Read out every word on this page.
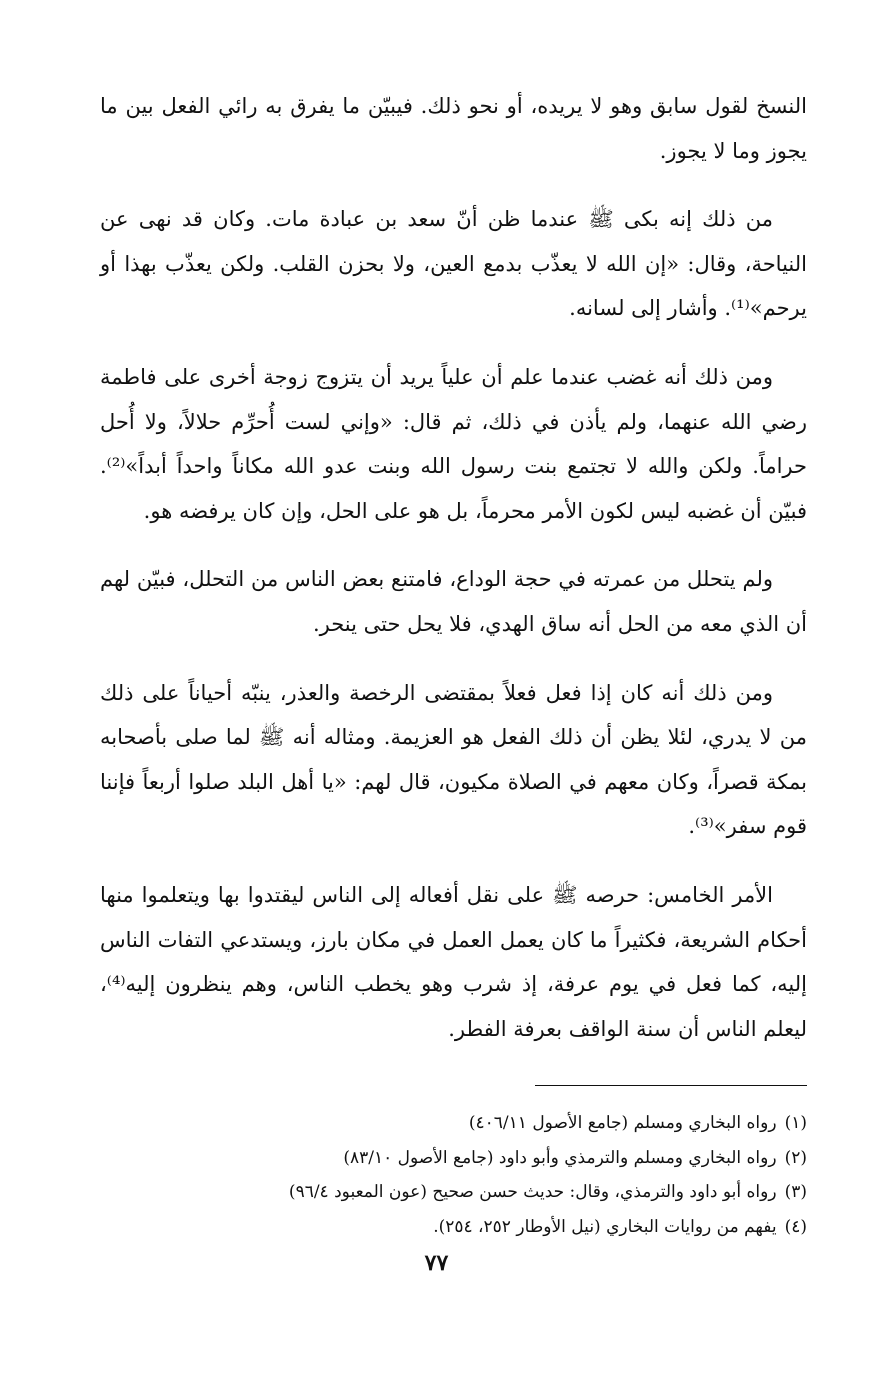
النسخ لقول سابق وهو لا يريده، أو نحو ذلك. فيبيّن ما يفرق به رائي الفعل بين ما يجوز وما لا يجوز.

من ذلك إنه بكى ﷺ عندما ظن أنّ سعد بن عبادة مات. وكان قد نهى عن النياحة، وقال: «إن الله لا يعذّب بدمع العين، ولا بحزن القلب. ولكن يعذّب بهذا أو يرحم»⁽¹⁾. وأشار إلى لسانه.

ومن ذلك أنه غضب عندما علم أن علياً يريد أن يتزوج زوجة أخرى على فاطمة رضي الله عنهما، ولم يأذن في ذلك، ثم قال: «وإني لست أُحرِّم حلالاً، ولا أُحل حراماً. ولكن والله لا تجتمع بنت رسول الله وبنت عدو الله مكاناً واحداً أبداً»⁽²⁾. فبيّن أن غضبه ليس لكون الأمر محرماً، بل هو على الحل، وإن كان يرفضه هو.

ولم يتحلل من عمرته في حجة الوداع، فامتنع بعض الناس من التحلل، فبيّن لهم أن الذي معه من الحل أنه ساق الهدي، فلا يحل حتى ينحر.

ومن ذلك أنه كان إذا فعل فعلاً بمقتضى الرخصة والعذر، ينبّه أحياناً على ذلك من لا يدري، لئلا يظن أن ذلك الفعل هو العزيمة. ومثاله أنه ﷺ لما صلى بأصحابه بمكة قصراً، وكان معهم في الصلاة مكيون، قال لهم: «يا أهل البلد صلوا أربعاً فإننا قوم سفر»⁽³⁾.

الأمر الخامس: حرصه ﷺ على نقل أفعاله إلى الناس ليقتدوا بها ويتعلموا منها أحكام الشريعة، فكثيراً ما كان يعمل العمل في مكان بارز، ويستدعي التفات الناس إليه، كما فعل في يوم عرفة، إذ شرب وهو يخطب الناس، وهم ينظرون إليه⁽⁴⁾، ليعلم الناس أن سنة الواقف بعرفة الفطر.

(١)
رواه البخاري ومسلم (جامع الأصول ٤٠٦/١١)
(٢)
رواه البخاري ومسلم والترمذي وأبو داود (جامع الأصول ٨٣/١٠)
(٣)
رواه أبو داود والترمذي، وقال: حديث حسن صحيح (عون المعبود ٩٦/٤)
(٤)
يفهم من روايات البخاري (نيل الأوطار ٢٥٢، ٢٥٤).
٧٧
